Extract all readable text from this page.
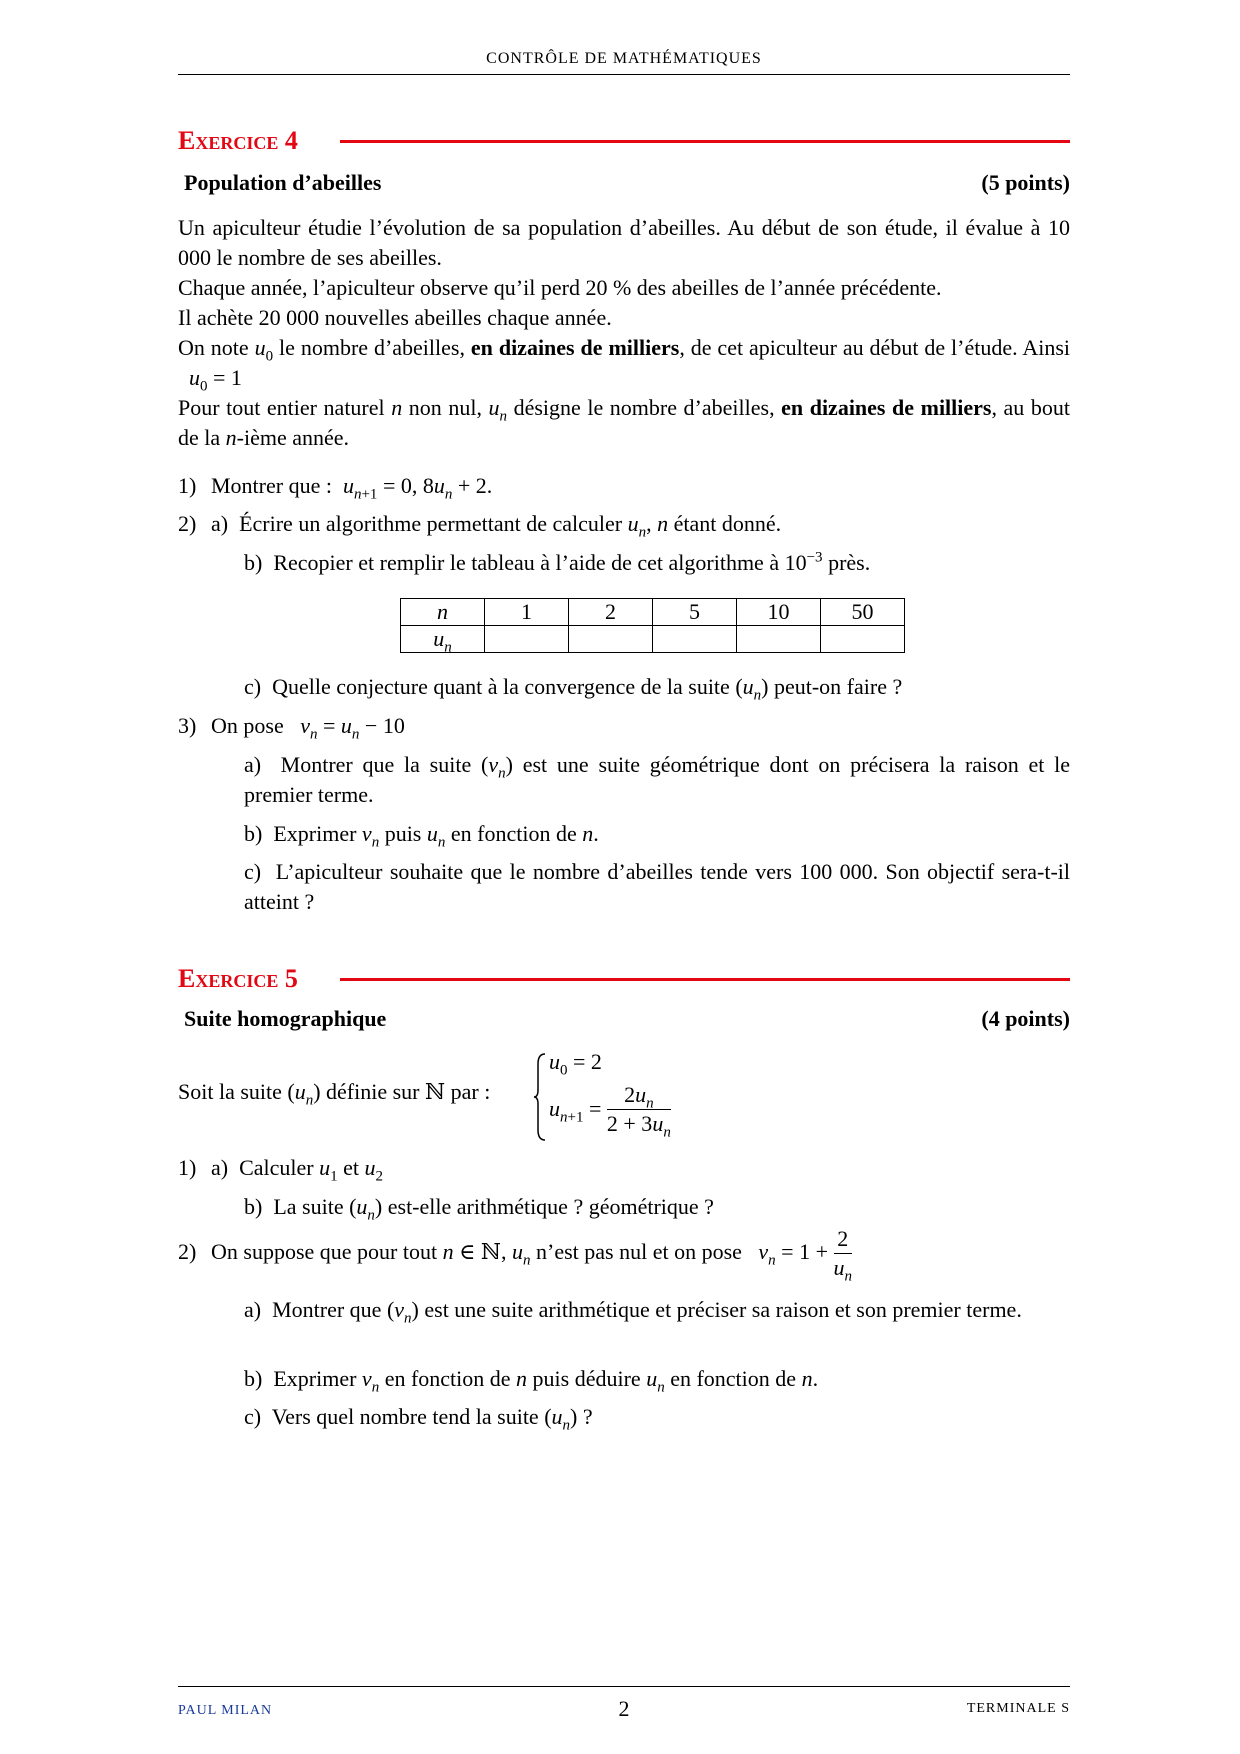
CONTRÔLE DE MATHÉMATIQUES
Exercice 4
Population d’abeilles	(5 points)

Un apiculteur étudie l’évolution de sa population d’abeilles. Au début de son étude, il évalue à 10 000 le nombre de ses abeilles.

Chaque année, l’apiculteur observe qu’il perd 20 % des abeilles de l’année précédente.

Il achète 20 000 nouvelles abeilles chaque année.

On note $u_0$ le nombre d’abeilles, en dizaines de milliers, de cet apiculteur au début de l’étude. Ainsi   $u_0 = 1$

Pour tout entier naturel n non nul, $u_n$ désigne le nombre d’abeilles, en dizaines de milliers, au bout de la n-ième année.

1) Montrer que : $u_{n+1} = 0$, $8u_n + 2$.
2) a)  Écrire un algorithme permettant de calculer $u_n$, n étant donné.
b)  Recopier et remplir le tableau à l’aide de cet algorithme à $10^{-3}$ près.
n	1	2	5	10	50
$u_n$					
c)  Quelle conjecture quant à la convergence de la suite $(u_n)$ peut-on faire ?
3) On pose $v_n = u_n - 10$
a)  Montrer que la suite $(v_n)$ est une suite géométrique dont on précisera la raison et le premier terme.
b)  Exprimer $v_n$ puis $u_n$ en fonction de n.
c)  L’apiculteur souhaite que le nombre d’abeilles tende vers 100 000. Son objectif sera-t-il atteint ?
Exercice 5
Suite homographique	(4 points)
Soit la suite $(u_n)$ définie sur ℕ par :
$u_0 = 2$
$u_{n+1} = \frac{2u_n}{2 + 3u_n}$
1) a)  Calculer $u_1$ et $u_2$
b)  La suite $(u_n)$ est-elle arithmétique ? géométrique ?
2) On suppose que pour tout n ∈ ℕ, $u_n$ n’est pas nul et on pose   $v_n = 1 + \frac{2}{u_n}$
a)  Montrer que $(v_n)$ est une suite arithmétique et préciser sa raison et son premier terme.
b)  Exprimer $v_n$ en fonction de n puis déduire $u_n$ en fonction de n.
c)  Vers quel nombre tend la suite $(u_n)$ ?
PAUL MILAN	2	TERMINALE S
